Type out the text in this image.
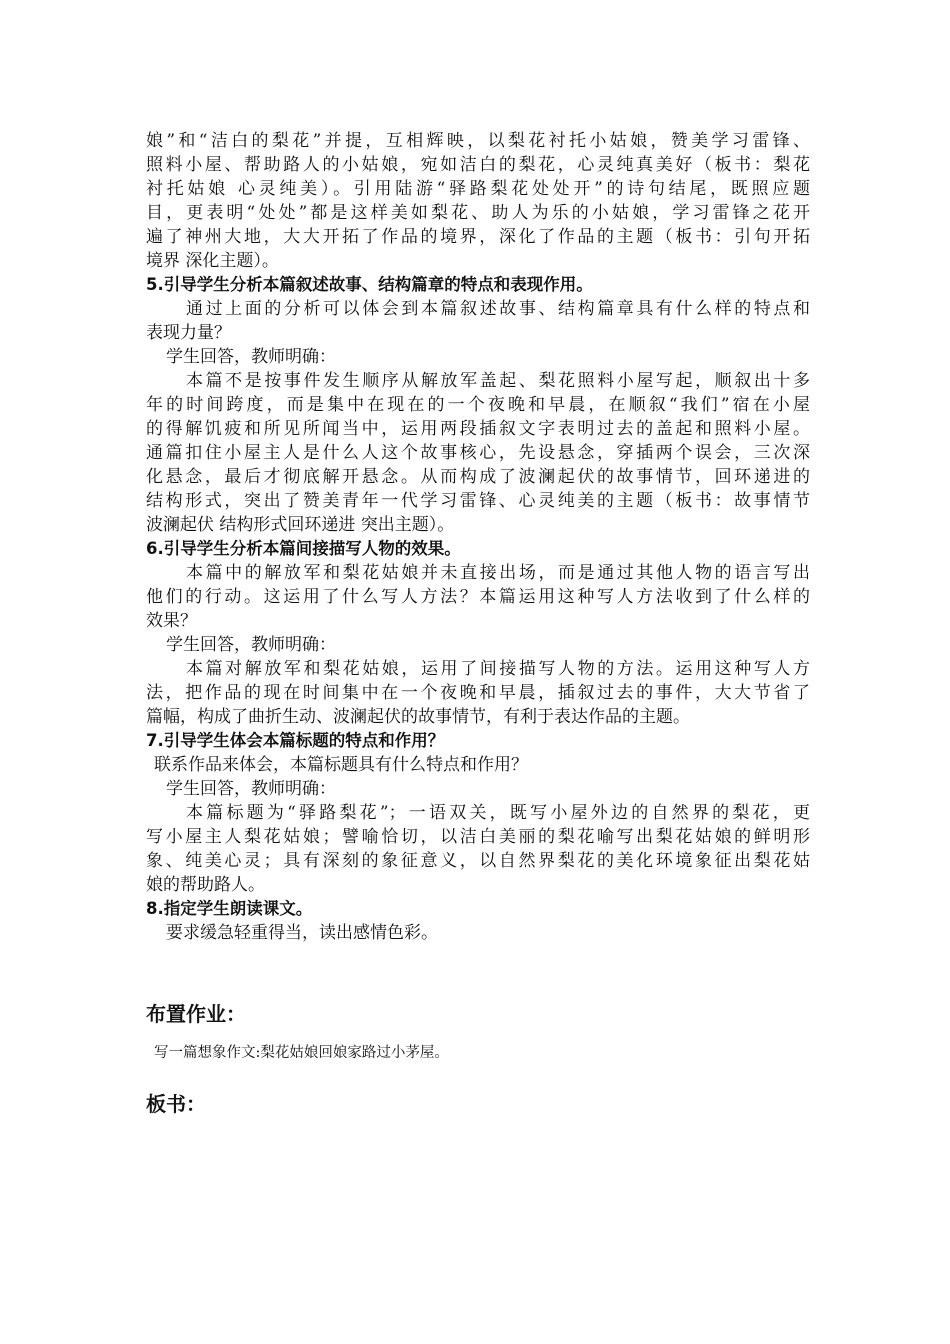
娘”和“洁白的梨花”并提，互相辉映，以梨花衬托小姑娘，赞美学习雷锋、
照料小屋、帮助路人的小姑娘，宛如洁白的梨花，心灵纯真美好（板书：梨花
衬托姑娘 心灵纯美）。引用陆游“驿路梨花处处开”的诗句结尾，既照应题
目，更表明“处处”都是这样美如梨花、助人为乐的小姑娘，学习雷锋之花开
遍了神州大地，大大开拓了作品的境界，深化了作品的主题（板书：引句开拓
境界 深化主题）。
5.引导学生分析本篇叙述故事、结构篇章的特点和表现作用。
通过上面的分析可以体会到本篇叙述故事、结构篇章具有什么样的特点和
表现力量？
学生回答，教师明确：
本篇不是按事件发生顺序从解放军盖起、梨花照料小屋写起，顺叙出十多
年的时间跨度，而是集中在现在的一个夜晚和早晨，在顺叙“我们”宿在小屋
的得解饥疲和所见所闻当中，运用两段插叙文字表明过去的盖起和照料小屋。
通篇扣住小屋主人是什么人这个故事核心，先设悬念，穿插两个误会，三次深
化悬念，最后才彻底解开悬念。从而构成了波澜起伏的故事情节，回环递进的
结构形式，突出了赞美青年一代学习雷锋、心灵纯美的主题（板书：故事情节
波澜起伏 结构形式回环递进 突出主题）。
6.引导学生分析本篇间接描写人物的效果。
本篇中的解放军和梨花姑娘并未直接出场，而是通过其他人物的语言写出
他们的行动。这运用了什么写人方法？本篇运用这种写人方法收到了什么样的
效果？
学生回答，教师明确：
本篇对解放军和梨花姑娘，运用了间接描写人物的方法。运用这种写人方
法，把作品的现在时间集中在一个夜晚和早晨，插叙过去的事件，大大节省了
篇幅，构成了曲折生动、波澜起伏的故事情节，有利于表达作品的主题。
7.引导学生体会本篇标题的特点和作用？
联系作品来体会，本篇标题具有什么特点和作用？
学生回答，教师明确：
本篇标题为“驿路梨花”；一语双关，既写小屋外边的自然界的梨花，更
写小屋主人梨花姑娘；譬喻恰切，以洁白美丽的梨花喻写出梨花姑娘的鲜明形
象、纯美心灵；具有深刻的象征意义，以自然界梨花的美化环境象征出梨花姑
娘的帮助路人。
8.指定学生朗读课文。
要求缓急轻重得当，读出感情色彩。
布置作业：
写一篇想象作文:梨花姑娘回娘家路过小茅屋。
板书：
